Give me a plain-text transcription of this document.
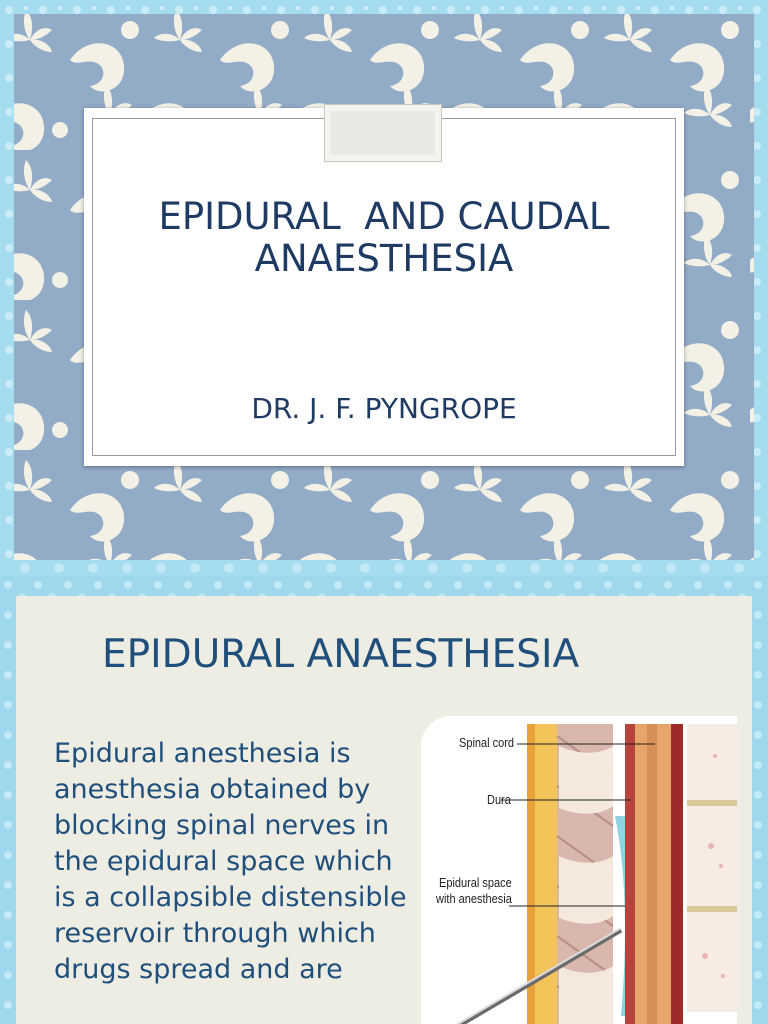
EPIDURAL  AND CAUDAL
ANAESTHESIA
DR. J. F. PYNGROPE
EPIDURAL ANAESTHESIA

Epidural anesthesia is anesthesia obtained by blocking spinal nerves in the epidural space which is a collapsible distensible reservoir through which drugs spread and are

Spinal cord
Dura
Epidural space
with anesthesia
